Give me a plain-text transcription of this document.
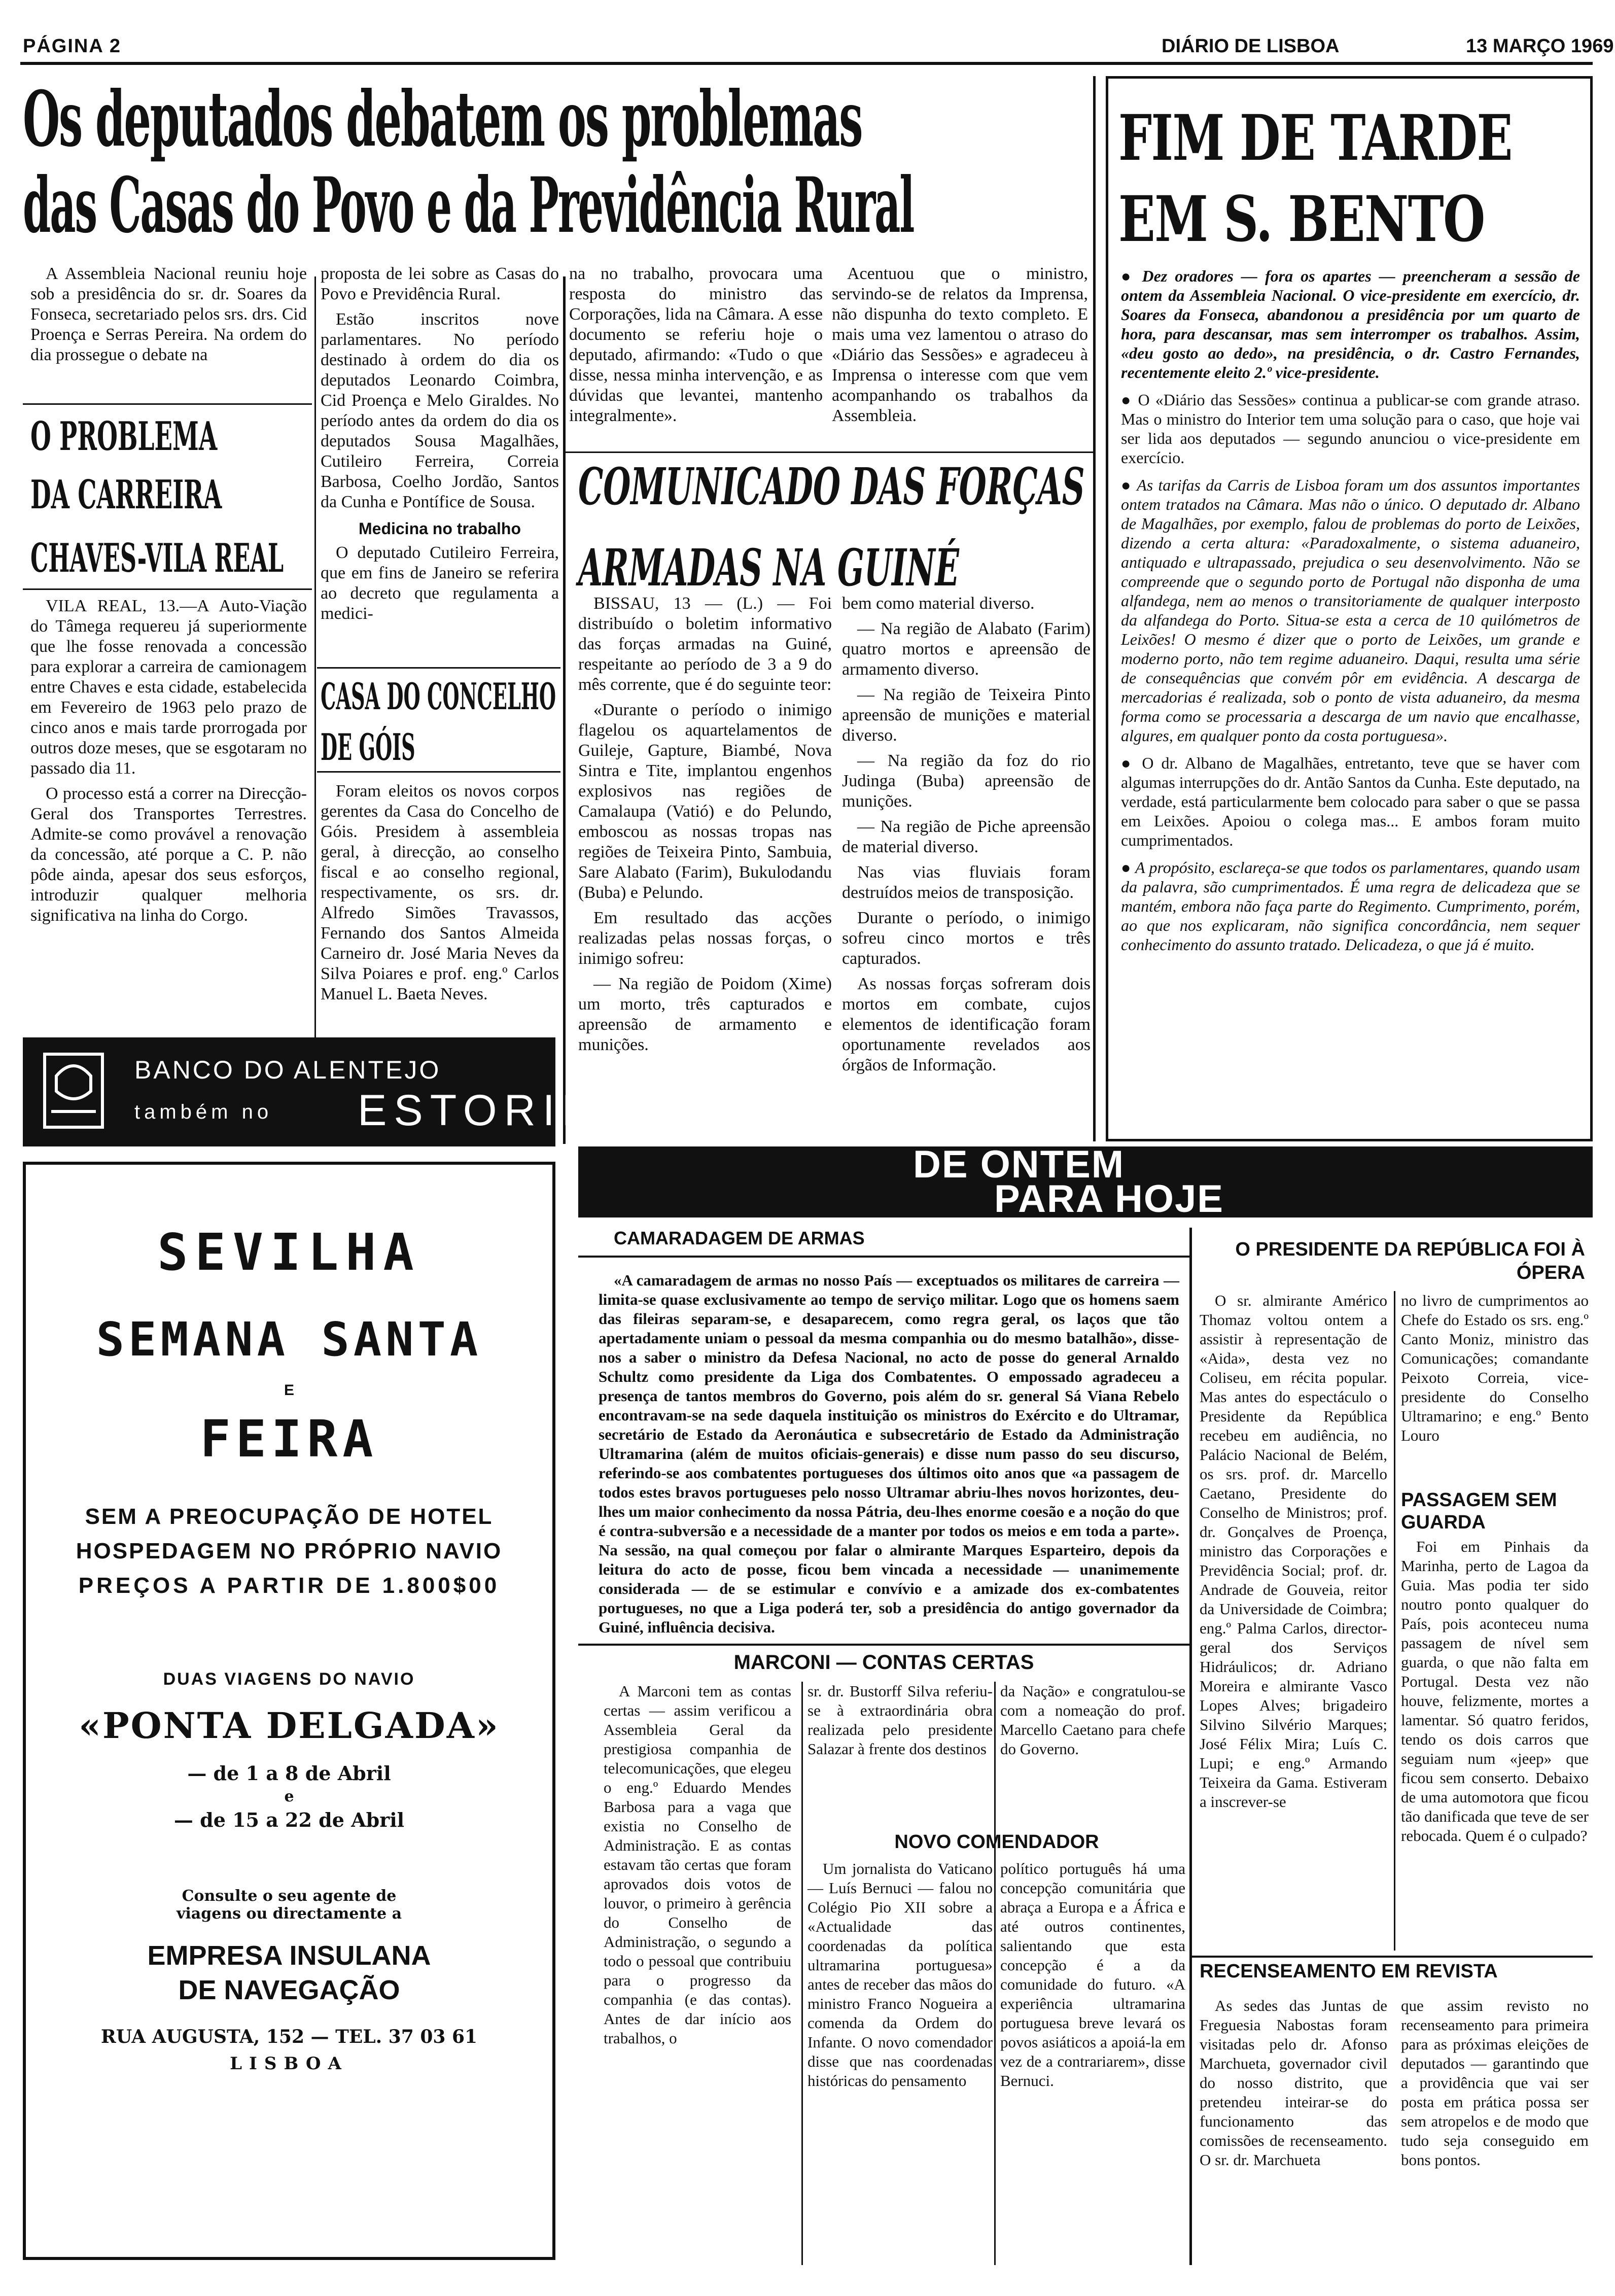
PÁGINA 2	DIÁRIO DE LISBOA	13 MARÇO 1969
Os deputados debatem os problemas
das Casas do Povo e da Previdência Rural

A Assembleia Nacional reuniu hoje sob a presidência do sr. dr. Soares da Fonseca, secretariado pelos srs. drs. Cid Proença e Serras Pereira. Na ordem do dia prossegue o debate na

proposta de lei sobre as Casas do Povo e Previdência Rural.

Estão inscritos nove parlamentares. No período destinado à ordem do dia os deputados Leonardo Coimbra, Cid Proença e Melo Giraldes. No período antes da ordem do dia os deputados Sousa Magalhães, Cutileiro Ferreira, Correia Barbosa, Coelho Jordão, Santos da Cunha e Pontífice de Sousa.

Medicina no trabalho

O deputado Cutileiro Ferreira, que em fins de Janeiro se referira ao decreto que regulamenta a medici-

na no trabalho, provocara uma resposta do ministro das Corporações, lida na Câmara. A esse documento se referiu hoje o deputado, afirmando: «Tudo o que disse, nessa minha intervenção, e as dúvidas que levantei, mantenho integralmente».

Acentuou que o ministro, servindo-se de relatos da Imprensa, não dispunha do texto completo. E mais uma vez lamentou o atraso do «Diário das Sessões» e agradeceu à Imprensa o interesse com que vem acompanhando os trabalhos da Assembleia.

O PROBLEMA
DA CARREIRA
CHAVES-VILA REAL

VILA REAL, 13.—A Auto-Viação do Tâmega requereu já superiormente que lhe fosse renovada a concessão para explorar a carreira de camionagem entre Chaves e esta cidade, estabelecida em Fevereiro de 1963 pelo prazo de cinco anos e mais tarde prorrogada por outros doze meses, que se esgotaram no passado dia 11.

O processo está a correr na Direcção-Geral dos Transportes Terrestres. Admite-se como provável a renovação da concessão, até porque a C. P. não pôde ainda, apesar dos seus esforços, introduzir qualquer melhoria significativa na linha do Corgo.

CASA DO CONCELHO
DE GÓIS

Foram eleitos os novos corpos gerentes da Casa do Concelho de Góis. Presidem à assembleia geral, à direcção, ao conselho fiscal e ao conselho regional, respectivamente, os srs. dr. Alfredo Simões Travassos, Fernando dos Santos Almeida Carneiro dr. José Maria Neves da Silva Poiares e prof. eng.º Carlos Manuel L. Baeta Neves.

COMUNICADO DAS FORÇAS
ARMADAS NA GUINÉ

BISSAU, 13 — (L.) — Foi distribuído o boletim informativo das forças armadas na Guiné, respeitante ao período de 3 a 9 do mês corrente, que é do seguinte teor:

«Durante o período o inimigo flagelou os aquartelamentos de Guileje, Gapture, Biambé, Nova Sintra e Tite, implantou engenhos explosivos nas regiões de Camalaupa (Vatió) e do Pelundo, emboscou as nossas tropas nas regiões de Teixeira Pinto, Sambuia, Sare Alabato (Farim), Bukulodandu (Buba) e Pelundo.

Em resultado das acções realizadas pelas nossas forças, o inimigo sofreu:

— Na região de Poidom (Xime) um morto, três capturados e apreensão de armamento e munições.

bem como material diverso.

— Na região de Alabato (Farim) quatro mortos e apreensão de armamento diverso.

— Na região de Teixeira Pinto apreensão de munições e material diverso.

— Na região da foz do rio Judinga (Buba) apreensão de munições.

— Na região de Piche apreensão de material diverso.

Nas vias fluviais foram destruídos meios de transposição.

Durante o período, o inimigo sofreu cinco mortos e três capturados.

As nossas forças sofreram dois mortos em combate, cujos elementos de identificação foram oportunamente revelados aos órgãos de Informação.

FIM DE TARDE
EM S. BENTO

● Dez oradores — fora os apartes — preencheram a sessão de ontem da Assembleia Nacional. O vice-presidente em exercício, dr. Soares da Fonseca, abandonou a presidência por um quarto de hora, para descansar, mas sem interromper os trabalhos. Assim, «deu gosto ao dedo», na presidência, o dr. Castro Fernandes, recentemente eleito 2.º vice-presidente.

● O «Diário das Sessões» continua a publicar-se com grande atraso. Mas o ministro do Interior tem uma solução para o caso, que hoje vai ser lida aos deputados — segundo anunciou o vice-presidente em exercício.

● As tarifas da Carris de Lisboa foram um dos assuntos importantes ontem tratados na Câmara. Mas não o único. O deputado dr. Albano de Magalhães, por exemplo, falou de problemas do porto de Leixões, dizendo a certa altura: «Paradoxalmente, o sistema aduaneiro, antiquado e ultrapassado, prejudica o seu desenvolvimento. Não se compreende que o segundo porto de Portugal não disponha de uma alfandega, nem ao menos o transitoriamente de qualquer interposto da alfandega do Porto. Situa-se esta a cerca de 10 quilómetros de Leixões! O mesmo é dizer que o porto de Leixões, um grande e moderno porto, não tem regime aduaneiro. Daqui, resulta uma série de consequências que convém pôr em evidência. A descarga de mercadorias é realizada, sob o ponto de vista aduaneiro, da mesma forma como se processaria a descarga de um navio que encalhasse, algures, em qualquer ponto da costa portuguesa».

● O dr. Albano de Magalhães, entretanto, teve que se haver com algumas interrupções do dr. Antão Santos da Cunha. Este deputado, na verdade, está particularmente bem colocado para saber o que se passa em Leixões. Apoiou o colega mas... E ambos foram muito cumprimentados.

● A propósito, esclareça-se que todos os parlamentares, quando usam da palavra, são cumprimentados. É uma regra de delicadeza que se mantém, embora não faça parte do Regimento. Cumprimento, porém, ao que nos explicaram, não significa concordância, nem sequer conhecimento do assunto tratado. Delicadeza, o que já é muito.

BANCO DO ALENTEJO
também no ESTORIL
SEVILHA
SEMANA SANTA
E
FEIRA
SEM A PREOCUPAÇÃO DE HOTEL
HOSPEDAGEM NO PRÓPRIO NAVIO
PREÇOS A PARTIR DE 1.800$00
DUAS VIAGENS DO NAVIO
«PONTA DELGADA»
— de 1 a 8 de Abril
e
— de 15 a 22 de Abril
Consulte o seu agente de viagens ou directamente a
EMPRESA INSULANA
DE NAVEGAÇÃO
RUA AUGUSTA, 152 — TEL. 37 03 61
LISBOA
DE ONTEM
PARA HOJE
CAMARADAGEM DE ARMAS

«A camaradagem de armas no nosso País — exceptuados os militares de carreira — limita-se quase exclusivamente ao tempo de serviço militar. Logo que os homens saem das fileiras separam-se, e desaparecem, como regra geral, os laços que tão apertadamente uniam o pessoal da mesma companhia ou do mesmo batalhão», disse-nos a saber o ministro da Defesa Nacional, no acto de posse do general Arnaldo Schultz como presidente da Liga dos Combatentes. O empossado agradeceu a presença de tantos membros do Governo, pois além do sr. general Sá Viana Rebelo encontravam-se na sede daquela instituição os ministros do Exército e do Ultramar, secretário de Estado da Aeronáutica e subsecretário de Estado da Administração Ultramarina (além de muitos oficiais-generais) e disse num passo do seu discurso, referindo-se aos combatentes portugueses dos últimos oito anos que «a passagem de todos estes bravos portugueses pelo nosso Ultramar abriu-lhes novos horizontes, deu-lhes um maior conhecimento da nossa Pátria, deu-lhes enorme coesão e a noção do que é contra-subversão e a necessidade de a manter por todos os meios e em toda a parte». Na sessão, na qual começou por falar o almirante Marques Esparteiro, depois da leitura do acto de posse, ficou bem vincada a necessidade — unanimemente considerada — de se estimular e convívio e a amizade dos ex-combatentes portugueses, no que a Liga poderá ter, sob a presidência do antigo governador da Guiné, influência decisiva.

MARCONI — CONTAS CERTAS

A Marconi tem as contas certas — assim verificou a Assembleia Geral da prestigiosa companhia de telecomunicações, que elegeu o eng.º Eduardo Mendes Barbosa para a vaga que existia no Conselho de Administração. E as contas estavam tão certas que foram aprovados dois votos de louvor, o primeiro à gerência do Conselho de Administração, o segundo a todo o pessoal que contribuiu para o progresso da companhia (e das contas). Antes de dar início aos trabalhos, o

sr. dr. Bustorff Silva referiu-se à extraordinária obra realizada pelo presidente Salazar à frente dos destinos

da Nação» e congratulou-se com a nomeação do prof. Marcello Caetano para chefe do Governo.

NOVO COMENDADOR

Um jornalista do Vaticano — Luís Bernuci — falou no Colégio Pio XII sobre a «Actualidade das coordenadas da política ultramarina portuguesa» antes de receber das mãos do ministro Franco Nogueira a comenda da Ordem do Infante. O novo comendador disse que nas coordenadas históricas do pensamento

político português há uma concepção comunitária que abraça a Europa e a África e até outros continentes, salientando que esta concepção é a da comunidade do futuro. «A experiência ultramarina portuguesa breve levará os povos asiáticos a apoiá-la em vez de a contrariarem», disse Bernuci.

O PRESIDENTE DA REPÚBLICA FOI À ÓPERA

O sr. almirante Américo Thomaz voltou ontem a assistir à representação de «Aida», desta vez no Coliseu, em récita popular. Mas antes do espectáculo o Presidente da República recebeu em audiência, no Palácio Nacional de Belém, os srs. prof. dr. Marcello Caetano, Presidente do Conselho de Ministros; prof. dr. Gonçalves de Proença, ministro das Corporações e Previdência Social; prof. dr. Andrade de Gouveia, reitor da Universidade de Coimbra; eng.º Palma Carlos, director-geral dos Serviços Hidráulicos; dr. Adriano Moreira e almirante Vasco Lopes Alves; brigadeiro Silvino Silvério Marques; José Félix Mira; Luís C. Lupi; e eng.º Armando Teixeira da Gama. Estiveram a inscrever-se

no livro de cumprimentos ao Chefe do Estado os srs. eng.º Canto Moniz, ministro das Comunicações; comandante Peixoto Correia, vice-presidente do Conselho Ultramarino; e eng.º Bento Louro

PASSAGEM SEM GUARDA

Foi em Pinhais da Marinha, perto de Lagoa da Guia. Mas podia ter sido noutro ponto qualquer do País, pois aconteceu numa passagem de nível sem guarda, o que não falta em Portugal. Desta vez não houve, felizmente, mortes a lamentar. Só quatro feridos, tendo os dois carros que seguiam num «jeep» que ficou sem conserto. Debaixo de uma automotora que ficou tão danificada que teve de ser rebocada. Quem é o culpado?

RECENSEAMENTO EM REVISTA

As sedes das Juntas de Freguesia Nabostas foram visitadas pelo dr. Afonso Marchueta, governador civil do nosso distrito, que pretendeu inteirar-se do funcionamento das comissões de recenseamento. O sr. dr. Marchueta

que assim revisto no recenseamento para primeira para as próximas eleições de deputados — garantindo que a providência que vai ser posta em prática possa ser sem atropelos e de modo que tudo seja conseguido em bons pontos.
